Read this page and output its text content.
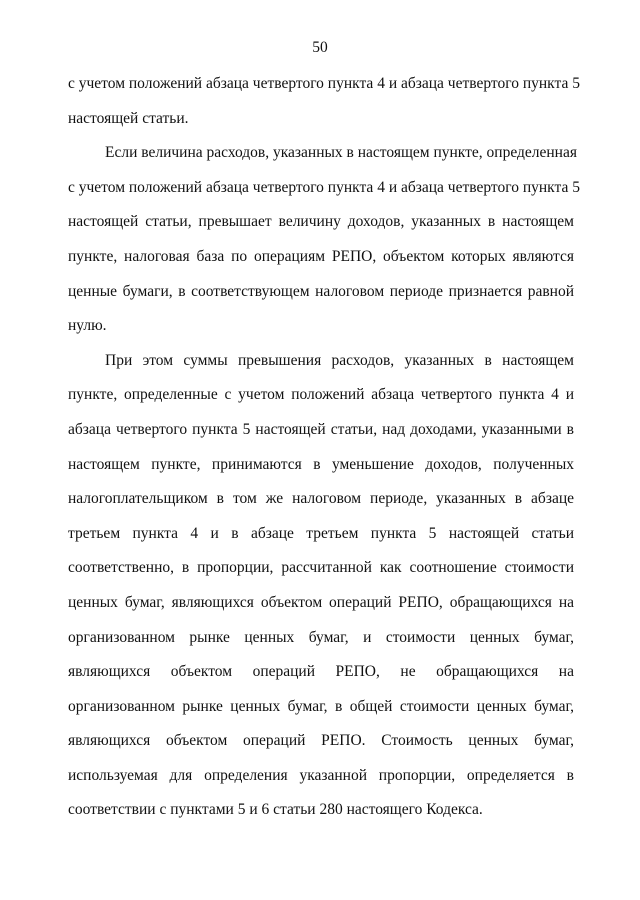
50
с учетом положений абзаца четвертого пункта 4 и абзаца четвертого пункта 5
настоящей статьи.
Если величина расходов, указанных в настоящем пункте, определенная
с учетом положений абзаца четвертого пункта 4 и абзаца четвертого пункта 5
настоящей статьи, превышает величину доходов, указанных в настоящем
пункте, налоговая база по операциям РЕПО, объектом которых являются
ценные бумаги, в соответствующем налоговом периоде признается равной
нулю.
При этом суммы превышения расходов, указанных в настоящем
пункте, определенные с учетом положений абзаца четвертого пункта 4 и
абзаца четвертого пункта 5 настоящей статьи, над доходами, указанными в
настоящем пункте, принимаются в уменьшение доходов, полученных
налогоплательщиком в том же налоговом периоде, указанных в абзаце
третьем пункта 4 и в абзаце третьем пункта 5 настоящей статьи
соответственно, в пропорции, рассчитанной как соотношение стоимости
ценных бумаг, являющихся объектом операций РЕПО, обращающихся на
организованном рынке ценных бумаг, и стоимости ценных бумаг,
являющихся объектом операций РЕПО, не обращающихся на
организованном рынке ценных бумаг, в общей стоимости ценных бумаг,
являющихся объектом операций РЕПО. Стоимость ценных бумаг,
используемая для определения указанной пропорции, определяется в
соответствии с пунктами 5 и 6 статьи 280 настоящего Кодекса.
